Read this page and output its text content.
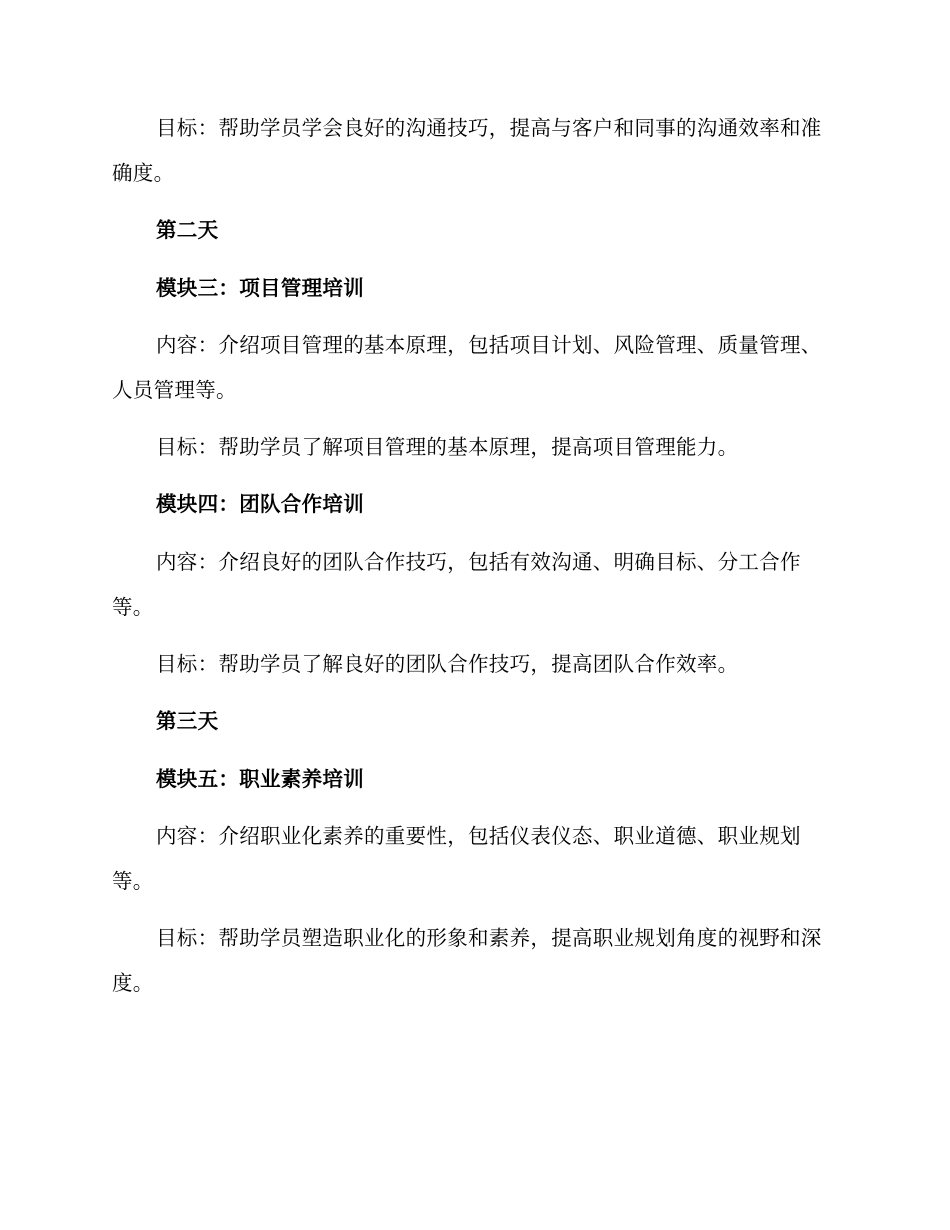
目标：帮助学员学会良好的沟通技巧，提高与客户和同事的沟通效率和准确度。

第二天

模块三：项目管理培训

内容：介绍项目管理的基本原理，包括项目计划、风险管理、质量管理、人员管理等。

目标：帮助学员了解项目管理的基本原理，提高项目管理能力。

模块四：团队合作培训

内容：介绍良好的团队合作技巧，包括有效沟通、明确目标、分工合作等。

目标：帮助学员了解良好的团队合作技巧，提高团队合作效率。

第三天

模块五：职业素养培训

内容：介绍职业化素养的重要性，包括仪表仪态、职业道德、职业规划等。

目标：帮助学员塑造职业化的形象和素养，提高职业规划角度的视野和深度。
